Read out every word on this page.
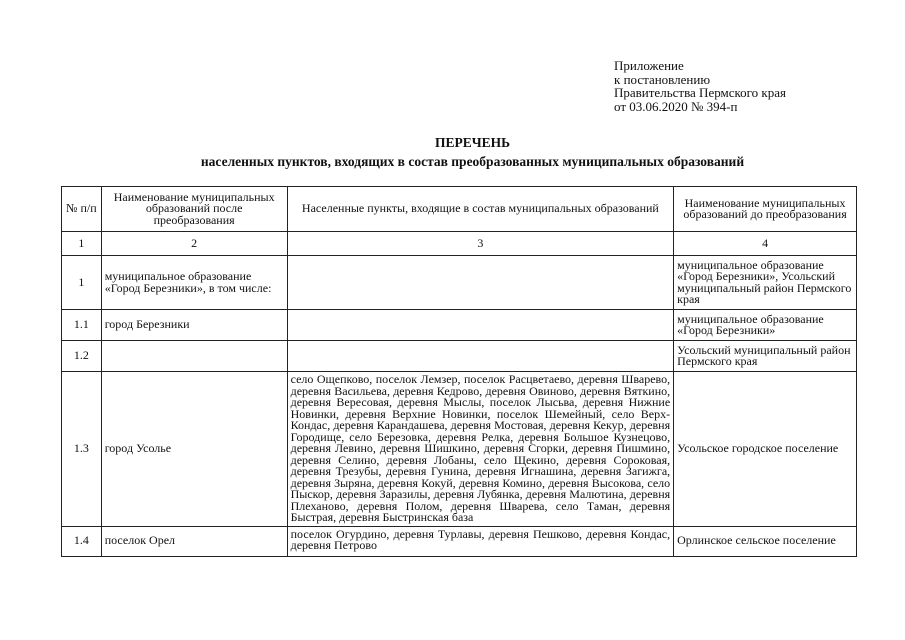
Приложение
к постановлению
Правительства Пермского края
от 03.06.2020 № 394-п
ПЕРЕЧЕНЬ
населенных пунктов, входящих в состав преобразованных муниципальных образований
№ п/п	Наименование муниципальных образований после преобразования	Населенные пункты, входящие в состав муниципальных образований	Наименование муниципальных образований до преобразования
1	2	3	4
1	муниципальное образование «Город Березники», в том числе:		муниципальное образование «Город Березники», Усольский муниципальный район Пермского края
1.1	город Березники		муниципальное образование «Город Березники»
1.2			Усольский муниципальный район Пермского края
1.3	город Усолье	село Ощепково, поселок Лемзер, поселок Расцветаево, деревня Шварево, деревня Васильева, деревня Кедрово, деревня Овиново, деревня Вяткино, деревня Вересовая, деревня Мыслы, поселок Лысьва, деревня Нижние Новинки, деревня Верхние Новинки, поселок Шемейный, село Верх-Кондас, деревня Карандашева, деревня Мостовая, деревня Кекур, деревня Городище, село Березовка, деревня Релка, деревня Большое Кузнецово, деревня Левино, деревня Шишкино, деревня Сгорки, деревня Пишмино, деревня Селино, деревня Лобаны, село Щекино, деревня Сороковая, деревня Трезубы, деревня Гунина, деревня Игнашина, деревня Загижга, деревня Зыряна, деревня Кокуй, деревня Комино, деревня Высокова, село Пыскор, деревня Заразилы, деревня Лубянка, деревня Малютина, деревня Плеханово, деревня Полом, деревня Шварева, село Таман, деревня Быстрая, деревня Быстринская база	Усольское городское поселение
1.4	поселок Орел	поселок Огурдино, деревня Турлавы, деревня Пешково, деревня Кондас, деревня Петрово	Орлинское сельское поселение
